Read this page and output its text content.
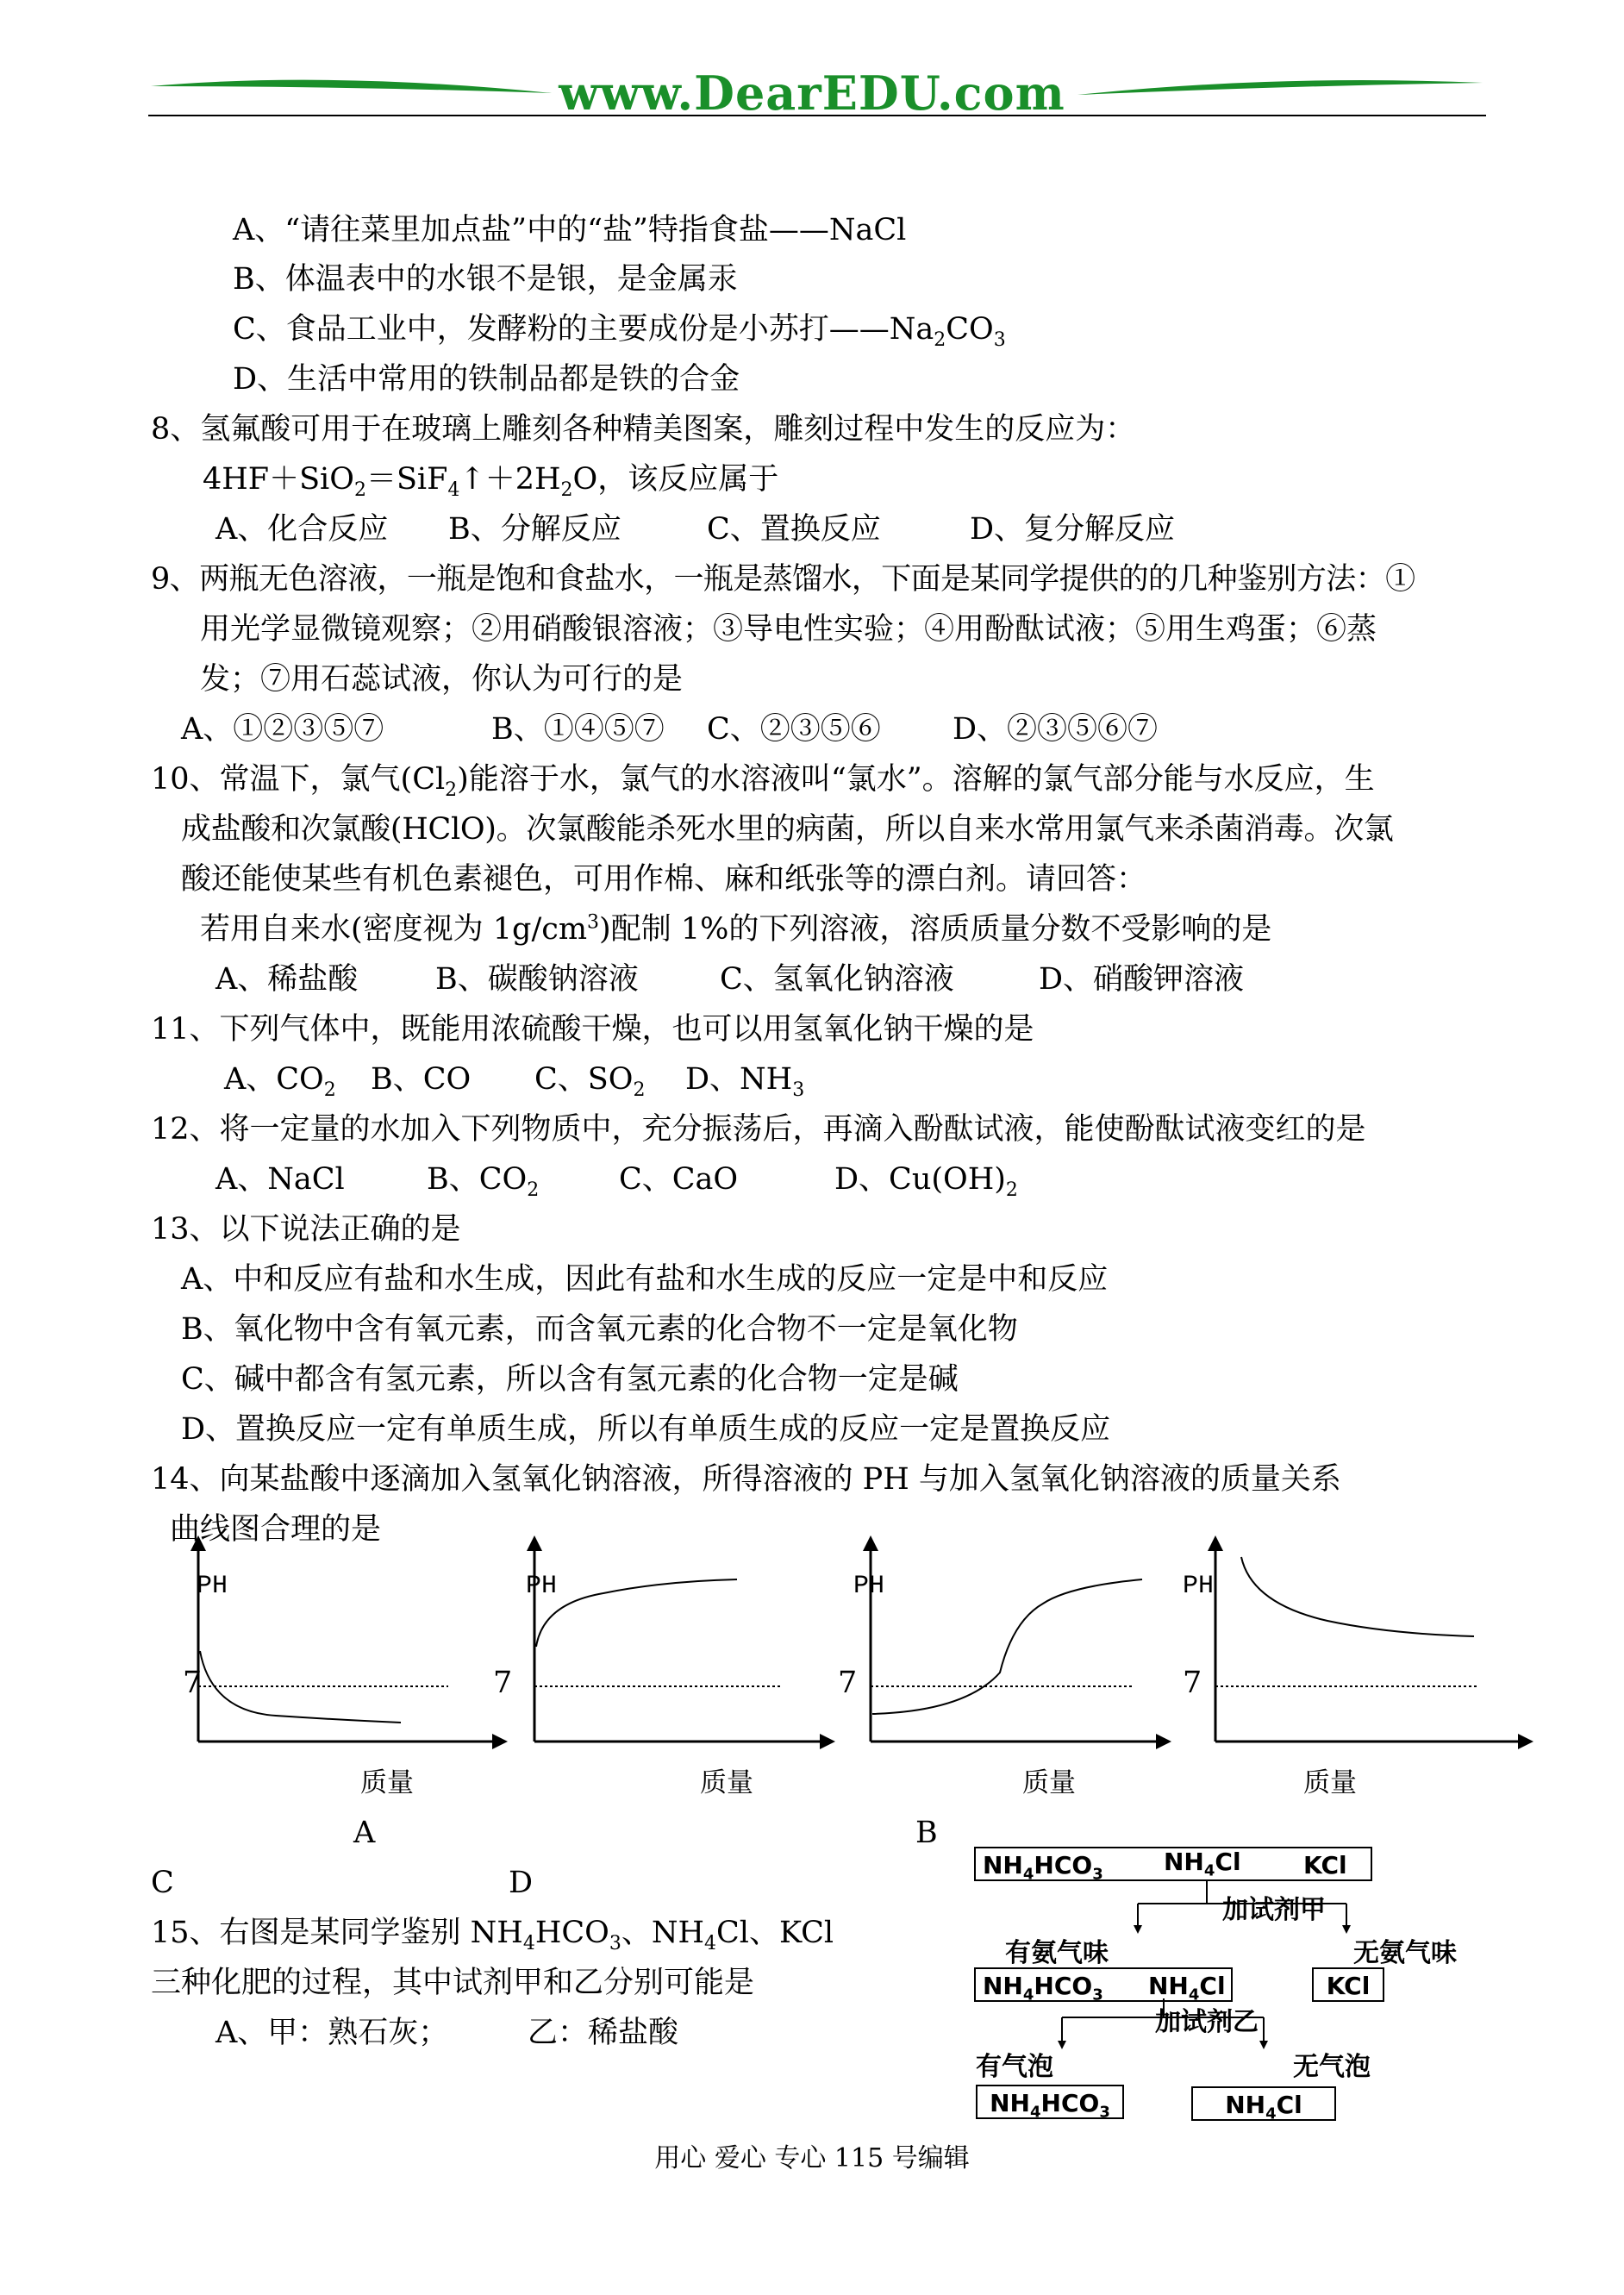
www.DearEDU.com
A、“请往菜里加点盐”中的“盐”特指食盐——NaCl
B、体温表中的水银不是银，是金属汞
C、食品工业中，发酵粉的主要成份是小苏打$——Na_2CO_3$
D、生活中常用的铁制品都是铁的合金
8、氢氟酸可用于在玻璃上雕刻各种精美图案，雕刻过程中发生的反应为：
$4HF+SiO_2=SiF_4↑+2H_2O$，该反应属于
A、化合反应 B、分解反应	C、置换反应	D、复分解反应
9、两瓶无色溶液，一瓶是饱和食盐水，一瓶是蒸馏水，下面是某同学提供的的几种鉴别方法：①
用光学显微镜观察；②用硝酸银溶液；③导电性实验；④用酚酞试液；⑤用生鸡蛋；⑥蒸
发；⑦用石蕊试液，你认为可行的是
A、①②③⑤⑦	B、①④⑤⑦ C、②③⑤⑥ D、②③⑤⑥⑦
10、常温下，氯气$(Cl_2)$能溶于水，氯气的水溶液叫“氯水”。溶解的氯气部分能与水反应，生
成盐酸和次氯酸(HClO)。次氯酸能杀死水里的病菌，所以自来水常用氯气来杀菌消毒。次氯
酸还能使某些有机色素褪色，可用作棉、麻和纸张等的漂白剂。请回答：
若用自来水(密度视为 $1g/cm^3$)配制 1%的下列溶液，溶质质量分数不受影响的是
A、稀盐酸	B、碳酸钠溶液	C、氢氧化钠溶液	D、硝酸钾溶液
11、下列气体中，既能用浓硫酸干燥，也可以用氢氧化钠干燥的是
A、$CO_2$ B、CO C、$SO_2$ D、$NH_3$
12、将一定量的水加入下列物质中，充分振荡后，再滴入酚酞试液，能使酚酞试液变红的是
A、NaCl	B、$CO_2$	C、CaO	D、$Cu(OH)_2$
13、以下说法正确的是
A、中和反应有盐和水生成，因此有盐和水生成的反应一定是中和反应
B、氧化物中含有氧元素，而含氧元素的化合物不一定是氧化物
C、碱中都含有氢元素，所以含有氢元素的化合物一定是碱
D、置换反应一定有单质生成，所以有单质生成的反应一定是置换反应
14、向某盐酸中逐滴加入氢氧化钠溶液，所得溶液的 PH 与加入氢氧化钠溶液的质量关系
曲线图合理的是
PH	PH	PH	PH
7	7	7	7
质量	质量	质量	质量
A	B
C	D
15、右图是某同学鉴别 $NH_4HCO_3$、$NH_4Cl$、KCl
三种化肥的过程，其中试剂甲和乙分别可能是
A、甲：熟石灰；	乙：稀盐酸
$NH_4HCO_3$	$NH_4Cl$	KCl
加试剂甲
有氨气味	无氨气味
$NH_4HCO_3$ $NH_4Cl$	KCl
加试剂乙
有气泡	无气泡
$NH_4HCO_3$	$NH_4Cl$
用心 爱心 专心 115 号编辑
